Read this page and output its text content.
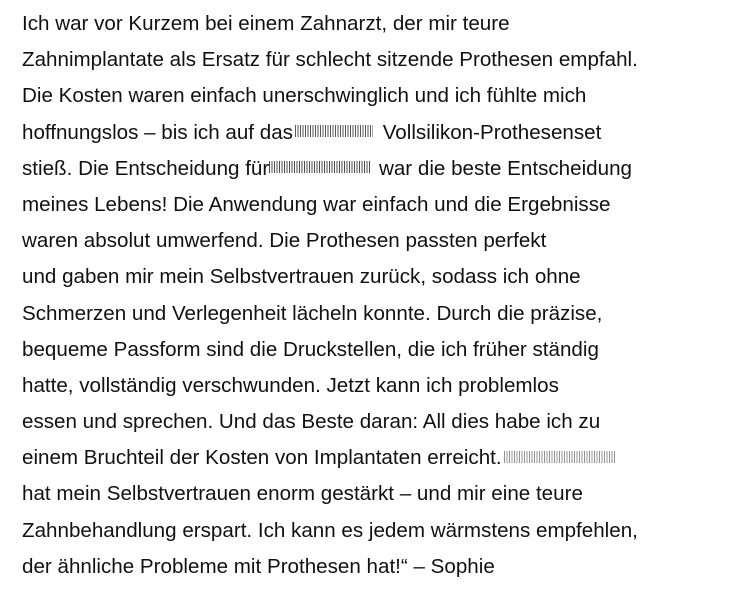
Ich war vor Kurzem bei einem Zahnarzt, der mir teure
Zahnimplantate als Ersatz für schlecht sitzende Prothesen empfahl.
Die Kosten waren einfach unerschwinglich und ich fühlte mich
hoffnungslos – bis ich auf das	Vollsilikon-Prothesenset
stieß. Die Entscheidung für	war die beste Entscheidung
meines Lebens! Die Anwendung war einfach und die Ergebnisse
waren absolut umwerfend. Die Prothesen passten perfekt
und gaben mir mein Selbstvertrauen zurück, sodass ich ohne
Schmerzen und Verlegenheit lächeln konnte. Durch die präzise,
bequeme Passform sind die Druckstellen, die ich früher ständig
hatte, vollständig verschwunden. Jetzt kann ich problemlos
essen und sprechen. Und das Beste daran: All dies habe ich zu
einem Bruchteil der Kosten von Implantaten erreicht.
hat mein Selbstvertrauen enorm gestärkt – und mir eine teure
Zahnbehandlung erspart. Ich kann es jedem wärmstens empfehlen,
der ähnliche Probleme mit Prothesen hat!“ – Sophie
